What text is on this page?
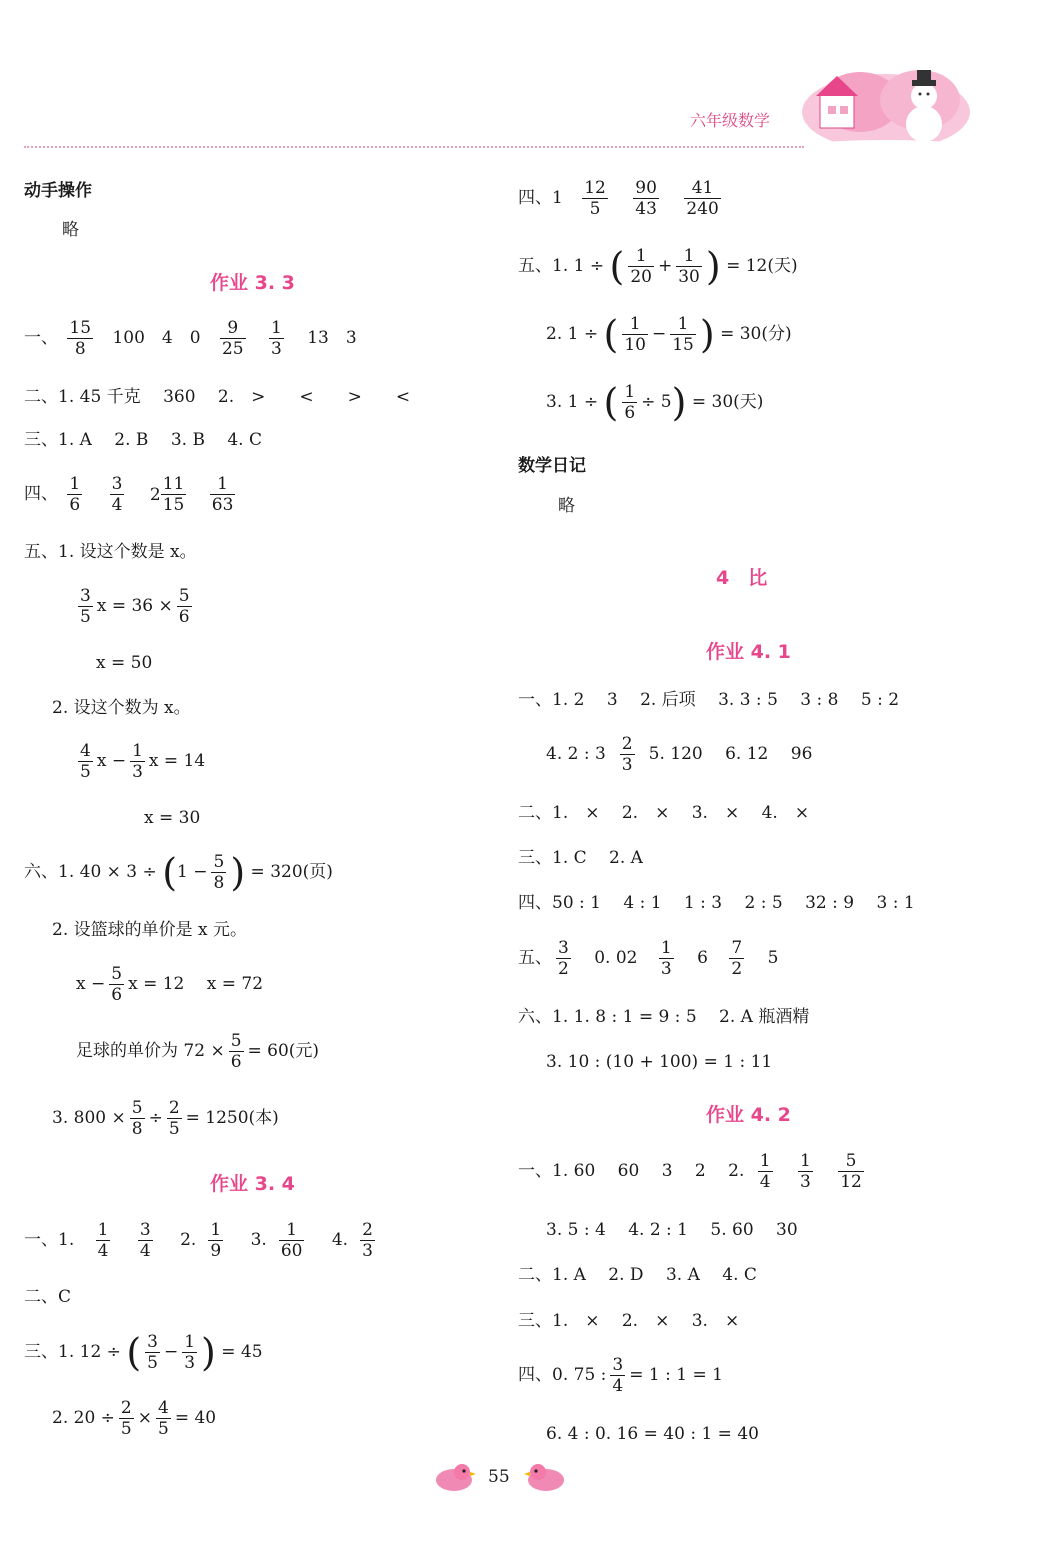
六年级数学
动手操作
略
作业 3. 3
一、 $\frac{15}{8} 100$　4　$0 \frac{9}{25}$
$\frac{1}{3} 13$　3
二、1. 45 千克　 360　 2.　>　　<　　>　　<
三、1. A　 2. B　 3. B　 4. C
四、 $\frac{1}{6}$
$\frac{3}{4} 2 \frac{11}{15}$
$\frac{1}{63}$
五、1. 设这个数是 x。
$\frac{3}{5}$ $x = 36 \times \frac{5}{6}$
x = 50
2. 设这个数为 x。
$\frac{4}{5}$ $x - \frac{1}{3}$ x = 14
x = 30
六、1. $40 \times 3 \div (1 - \frac{5}{8}$ ) = 320(页)
2. 设篮球的单价是 x 元。
$x - \frac{5}{6}$ x = 12　 x = 72
足球的单价为 $72 \times \frac{5}{6} = 60$(元)
3. $800 \times \frac{5}{8} \div \frac{2}{5} = 1250$(本)
作业 3. 4
一、1. $\frac{1}{4}$
$\frac{3}{4} 2$. $\frac{1}{9} 3$. $\frac{1}{60} 4$. $\frac{2}{3}$
二、C
三、1. 12 ÷ ( $\frac{3}{5} - \frac{1}{3}$ ) = 45
2. $20 \div \frac{2}{5} \times \frac{4}{5} = 40$
四、$1 \frac{12}{5}$
$\frac{90}{43}$
$\frac{41}{240}$
五、1. 1 ÷ ( $\frac{1}{20} + \frac{1}{30}$ ) = 12(天)
2. 1 ÷ ( $\frac{1}{10} - \frac{1}{15}$ ) = 30(分)
3. 1 ÷ ( $\frac{1}{6} \div 5) = 30$(天)
数学日记
略
4　比
作业 4. 1
一、1. 2　 3　 2. 后项　 3. 3 : 5　 3 : 8　 5 : 2
4. 2 : $3 \frac{2}{3} 5$. 120　 6. 12　 96
二、1.　×　 2.　×　 3.　×　 4.　×
三、1. C　 2. A
四、50 : 1　 4 : 1　 1 : 3　 2 : 5　 32 : 9　 3 : 1
五、 $\frac{3}{2} 0$. $02 \frac{1}{3} 6 \frac{7}{2} 5$
六、1. 1. 8 : 1 = 9 : 5　 2. A 瓶酒精
3. 10 : (10 + 100) = 1 : 11
作业 4. 2
一、1. 60　 60　 3　 2　 2. $\frac{1}{4}$
$\frac{1}{3}$
$\frac{5}{12}$
3. 5 : 4　 4. 2 : 1　 5. 60　 30
二、1. A　 2. D　 3. A　 4. C
三、1.　×　 2.　×　 3.　×
四、0. 75 : $\frac{3}{4} = 1$ : 1 = 1
6. 4 : 0. 16 = 40 : 1 = 40
55
